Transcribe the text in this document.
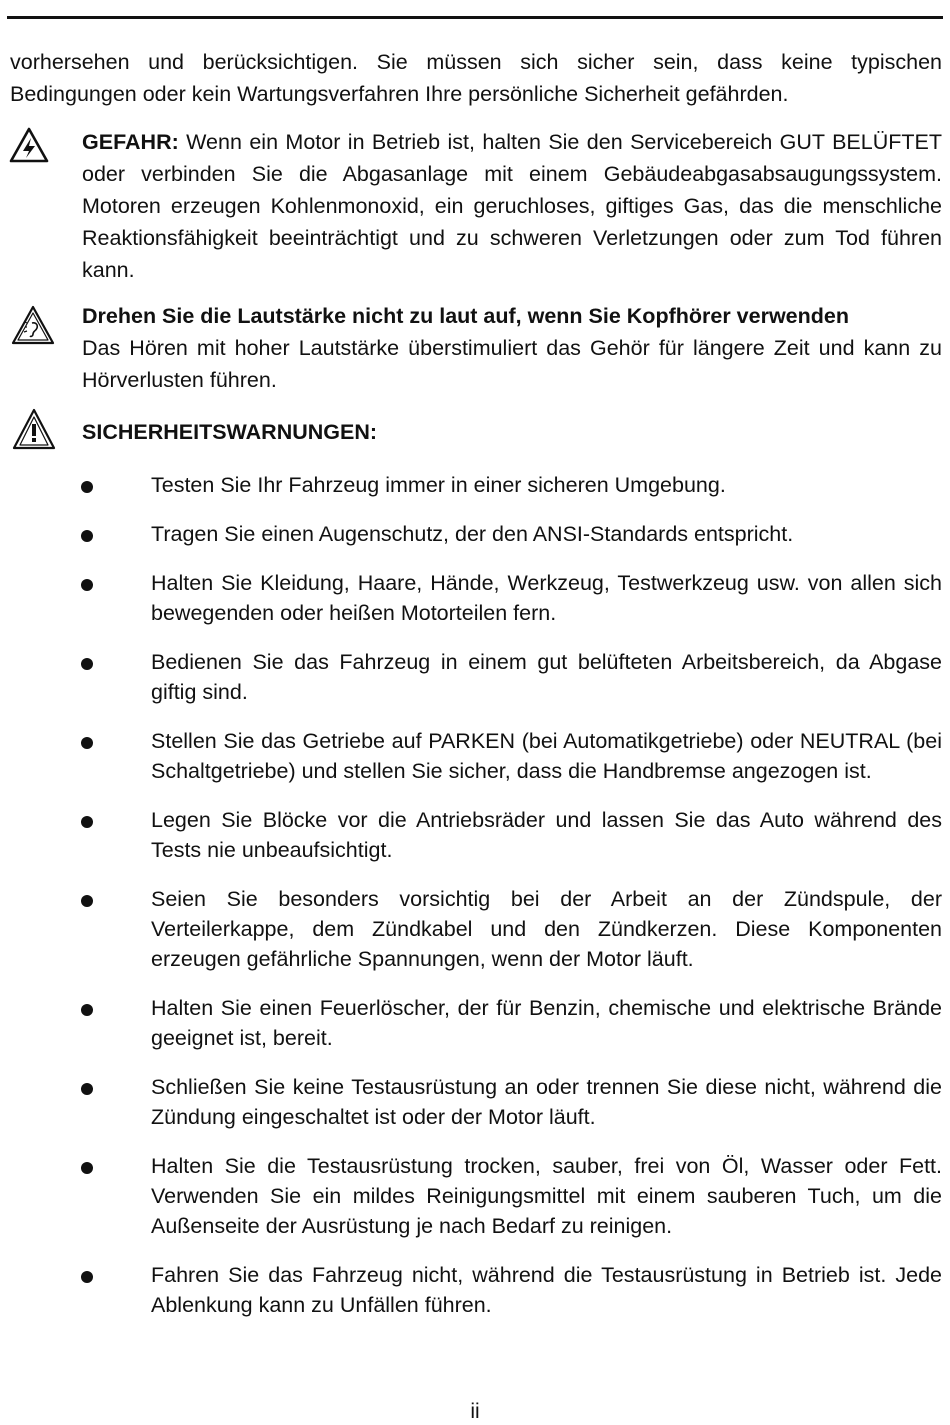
vorhersehen und berücksichtigen. Sie müssen sich sicher sein, dass keine typischen Bedingungen oder kein Wartungsverfahren Ihre persönliche Sicherheit gefährden.

GEFAHR: Wenn ein Motor in Betrieb ist, halten Sie den Servicebereich GUT BELÜFTET oder verbinden Sie die Abgasanlage mit einem Gebäudeabgasabsaugungssystem. Motoren erzeugen Kohlenmonoxid, ein geruchloses, giftiges Gas, das die menschliche Reaktionsfähigkeit beeinträchtigt und zu schweren Verletzungen oder zum Tod führen kann.

Drehen Sie die Lautstärke nicht zu laut auf, wenn Sie Kopfhörer verwenden

Das Hören mit hoher Lautstärke überstimuliert das Gehör für längere Zeit und kann zu Hörverlusten führen.

SICHERHEITSWARNUNGEN:

Testen Sie Ihr Fahrzeug immer in einer sicheren Umgebung.
Tragen Sie einen Augenschutz, der den ANSI-Standards entspricht.
Halten Sie Kleidung, Haare, Hände, Werkzeug, Testwerkzeug usw. von allen sich bewegenden oder heißen Motorteilen fern.
Bedienen Sie das Fahrzeug in einem gut belüfteten Arbeitsbereich, da Abgase giftig sind.
Stellen Sie das Getriebe auf PARKEN (bei Automatikgetriebe) oder NEUTRAL (bei Schaltgetriebe) und stellen Sie sicher, dass die Handbremse angezogen ist.
Legen Sie Blöcke vor die Antriebsräder und lassen Sie das Auto während des Tests nie unbeaufsichtigt.
Seien Sie besonders vorsichtig bei der Arbeit an der Zündspule, der Verteilerkappe, dem Zündkabel und den Zündkerzen. Diese Komponenten erzeugen gefährliche Spannungen, wenn der Motor läuft.
Halten Sie einen Feuerlöscher, der für Benzin, chemische und elektrische Brände geeignet ist, bereit.
Schließen Sie keine Testausrüstung an oder trennen Sie diese nicht, während die Zündung eingeschaltet ist oder der Motor läuft.
Halten Sie die Testausrüstung trocken, sauber, frei von Öl, Wasser oder Fett. Verwenden Sie ein mildes Reinigungsmittel mit einem sauberen Tuch, um die Außenseite der Ausrüstung je nach Bedarf zu reinigen.
Fahren Sie das Fahrzeug nicht, während die Testausrüstung in Betrieb ist. Jede Ablenkung kann zu Unfällen führen.
ii
